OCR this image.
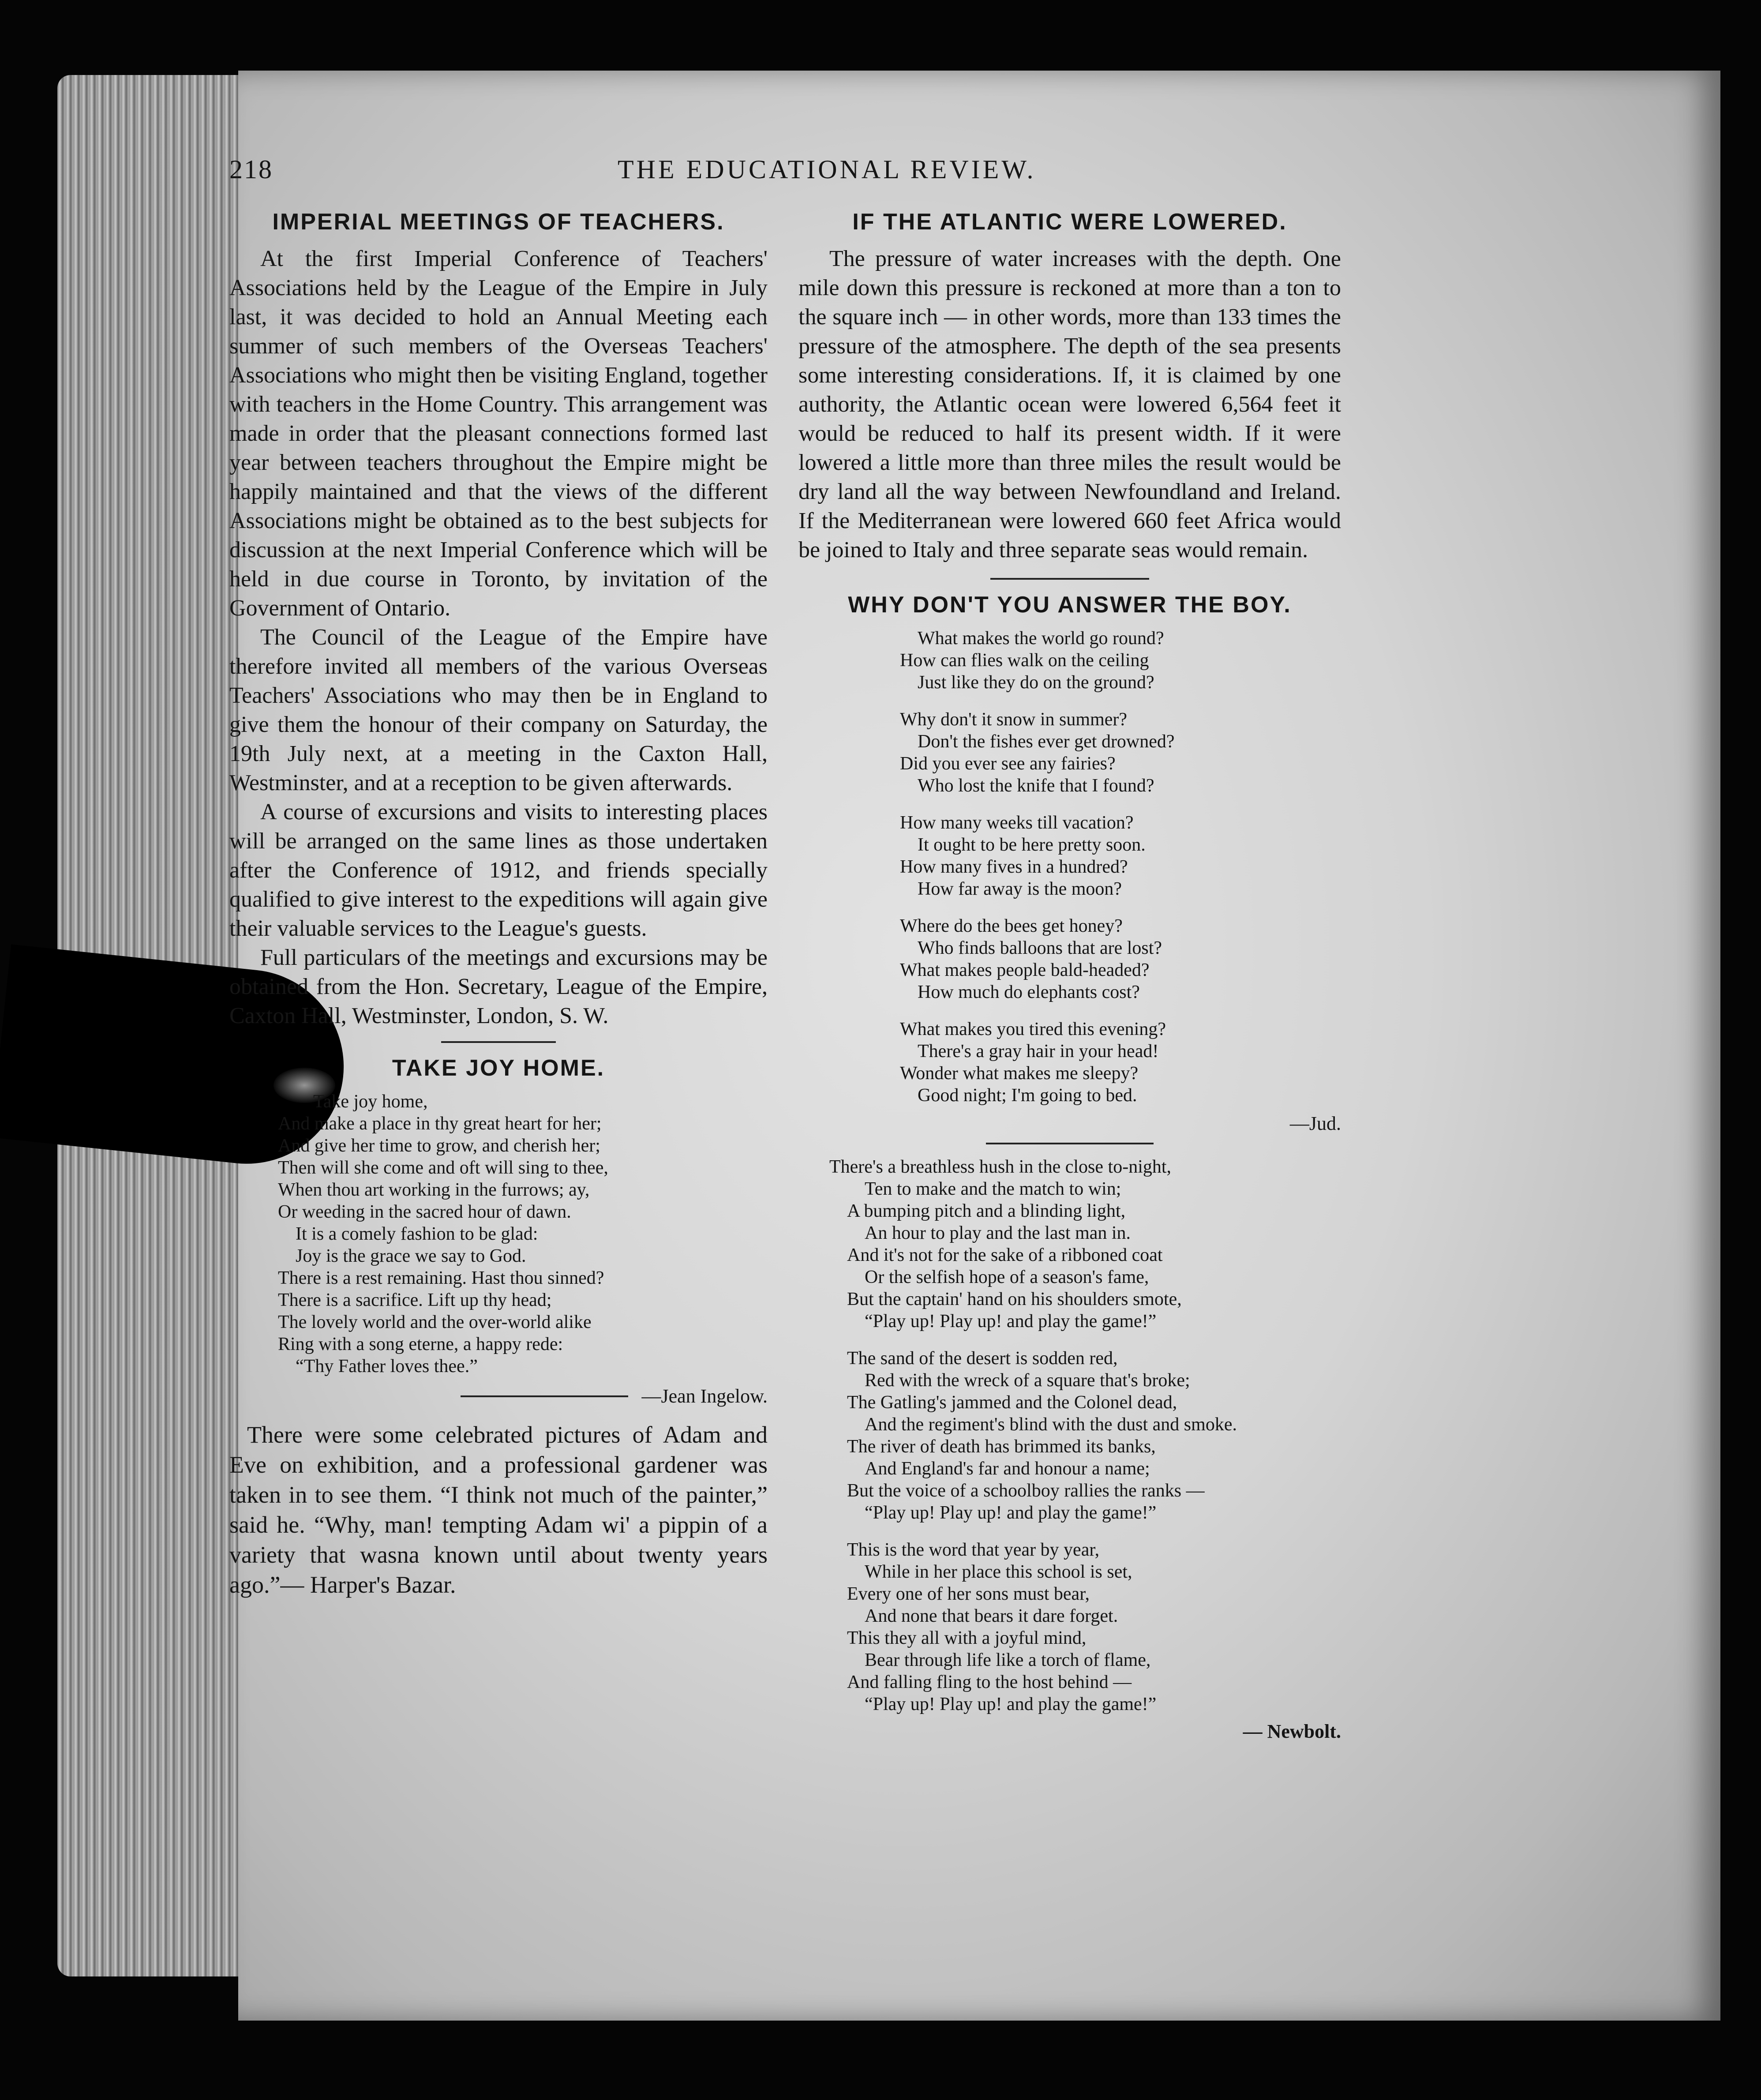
218	THE EDUCATIONAL REVIEW.
IMPERIAL MEETINGS OF TEACHERS.

At the first Imperial Conference of Teachers' Associations held by the League of the Empire in July last, it was decided to hold an Annual Meeting each summer of such members of the Overseas Teachers' Associations who might then be visiting England, together with teachers in the Home Country. This arrangement was made in order that the pleasant connections formed last year between teachers throughout the Empire might be happily maintained and that the views of the different Associations might be obtained as to the best subjects for discussion at the next Imperial Conference which will be held in due course in Toronto, by invitation of the Government of Ontario.

The Council of the League of the Empire have therefore invited all members of the various Overseas Teachers' Associations who may then be in England to give them the honour of their company on Saturday, the 19th July next, at a meeting in the Caxton Hall, Westminster, and at a reception to be given afterwards.

A course of excursions and visits to interesting places will be arranged on the same lines as those undertaken after the Conference of 1912, and friends specially qualified to give interest to the expeditions will again give their valuable services to the League's guests.

Full particulars of the meetings and excursions may be obtained from the Hon. Secretary, League of the Empire, Caxton Hall, Westminster, London, S. W.

TAKE JOY HOME.
Take joy home,
And make a place in thy great heart for her;
And give her time to grow, and cherish her;
Then will she come and oft will sing to thee,
When thou art working in the furrows; ay,
Or weeding in the sacred hour of dawn.
It is a comely fashion to be glad:
Joy is the grace we say to God.
There is a rest remaining. Hast thou sinned?
There is a sacrifice. Lift up thy head;
The lovely world and the over-world alike
Ring with a song eterne, a happy rede:
“Thy Father loves thee.”
—Jean Ingelow.

There were some celebrated pictures of Adam and Eve on exhibition, and a professional gardener was taken in to see them. “I think not much of the painter,” said he. “Why, man! tempting Adam wi' a pippin of a variety that wasna known until about twenty years ago.”— Harper's Bazar.

IF THE ATLANTIC WERE LOWERED.

The pressure of water increases with the depth. One mile down this pressure is reckoned at more than a ton to the square inch — in other words, more than 133 times the pressure of the atmosphere. The depth of the sea presents some interesting considerations. If, it is claimed by one authority, the Atlantic ocean were lowered 6,564 feet it would be reduced to half its present width. If it were lowered a little more than three miles the result would be dry land all the way between Newfoundland and Ireland. If the Mediterranean were lowered 660 feet Africa would be joined to Italy and three separate seas would remain.

WHY DON'T YOU ANSWER THE BOY.
What makes the world go round?
How can flies walk on the ceiling
Just like they do on the ground?
Why don't it snow in summer?
Don't the fishes ever get drowned?
Did you ever see any fairies?
Who lost the knife that I found?
How many weeks till vacation?
It ought to be here pretty soon.
How many fives in a hundred?
How far away is the moon?
Where do the bees get honey?
Who finds balloons that are lost?
What makes people bald-headed?
How much do elephants cost?
What makes you tired this evening?
There's a gray hair in your head!
Wonder what makes me sleepy?
Good night; I'm going to bed.
—Jud.
There's a breathless hush in the close to-night,
Ten to make and the match to win;
A bumping pitch and a blinding light,
An hour to play and the last man in.
And it's not for the sake of a ribboned coat
Or the selfish hope of a season's fame,
But the captain' hand on his shoulders smote,
“Play up! Play up! and play the game!”
The sand of the desert is sodden red,
Red with the wreck of a square that's broke;
The Gatling's jammed and the Colonel dead,
And the regiment's blind with the dust and smoke.
The river of death has brimmed its banks,
And England's far and honour a name;
But the voice of a schoolboy rallies the ranks —
“Play up! Play up! and play the game!”
This is the word that year by year,
While in her place this school is set,
Every one of her sons must bear,
And none that bears it dare forget.
This they all with a joyful mind,
Bear through life like a torch of flame,
And falling fling to the host behind —
“Play up! Play up! and play the game!”
— Newbolt.
